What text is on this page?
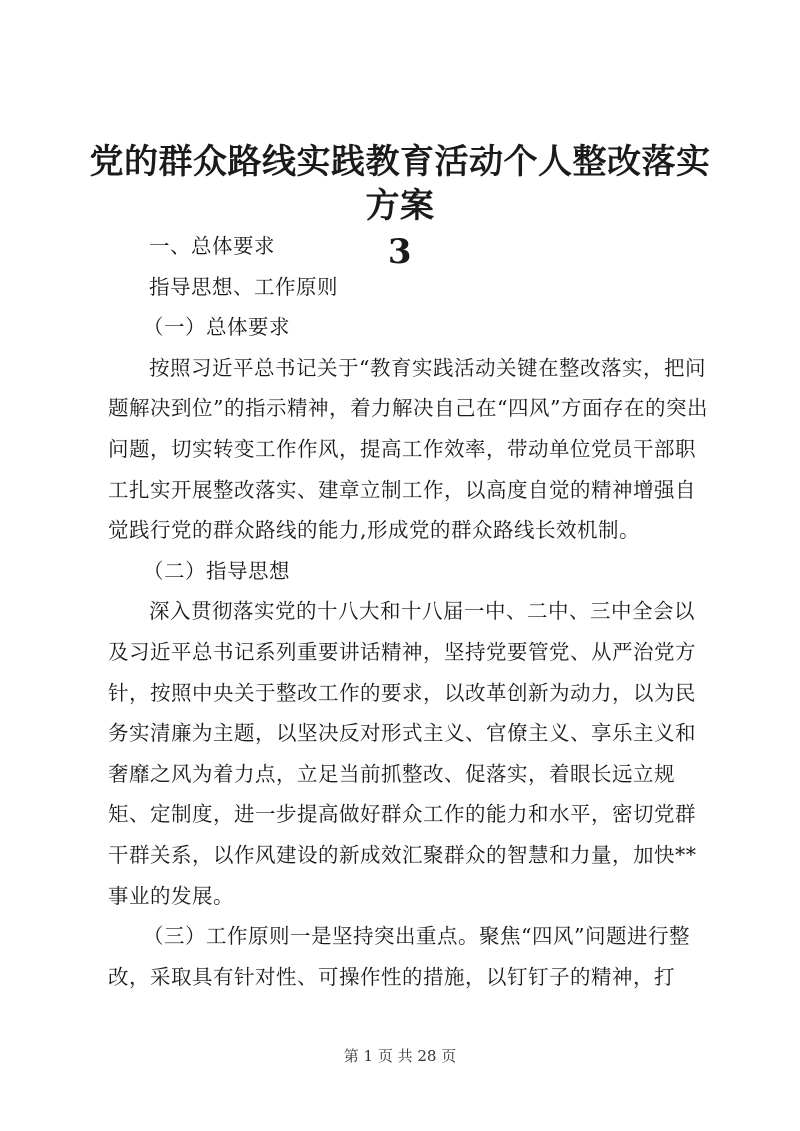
党的群众路线实践教育活动个人整改落实方案
3

一、总体要求

指导思想、工作原则

（一）总体要求

按照习近平总书记关于“教育实践活动关键在整改落实，把问题解决到位”的指示精神，着力解决自己在“四风”方面存在的突出问题，切实转变工作作风，提高工作效率，带动单位党员干部职工扎实开展整改落实、建章立制工作，以高度自觉的精神增强自觉践行党的群众路线的能力,形成党的群众路线长效机制。

（二）指导思想

深入贯彻落实党的十八大和十八届一中、二中、三中全会以及习近平总书记系列重要讲话精神，坚持党要管党、从严治党方针，按照中央关于整改工作的要求，以改革创新为动力，以为民务实清廉为主题，以坚决反对形式主义、官僚主义、享乐主义和奢靡之风为着力点，立足当前抓整改、促落实，着眼长远立规矩、定制度，进一步提高做好群众工作的能力和水平，密切党群干群关系，以作风建设的新成效汇聚群众的智慧和力量，加快**事业的发展。

（三）工作原则一是坚持突出重点。聚焦“四风”问题进行整改，采取具有针对性、可操作性的措施，以钉钉子的精神，打

第 1 页 共 28 页
